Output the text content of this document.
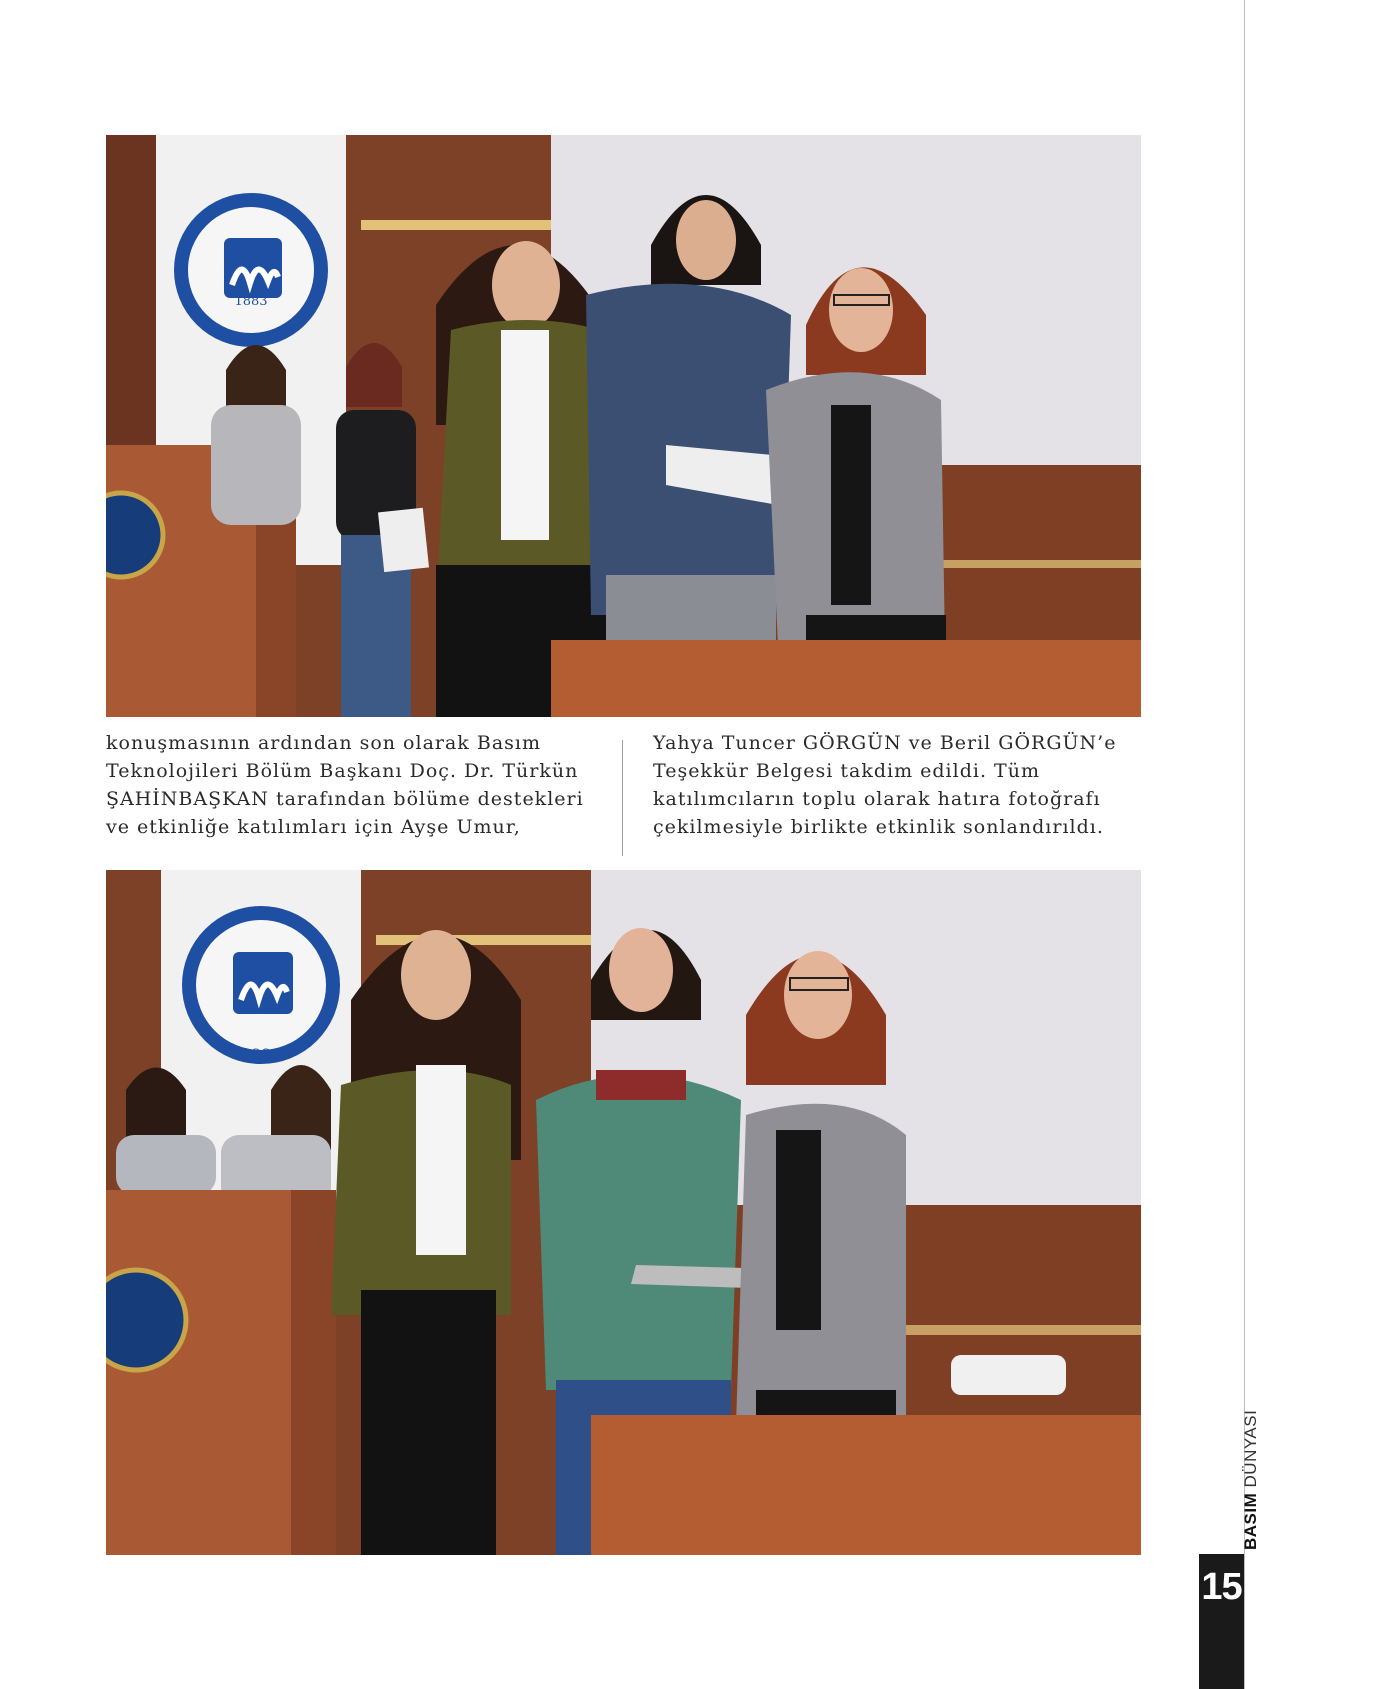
1883

konuşmasının ardından son olarak Basım

Teknolojileri Bölüm Başkanı Doç. Dr. Türkün

ŞAHİNBAŞKAN tarafından bölüme destekleri

ve etkinliğe katılımları için Ayşe Umur,

Yahya Tuncer GÖRGÜN ve Beril GÖRGÜN’e

Teşekkür Belgesi takdim edildi. Tüm

katılımcıların toplu olarak hatıra fotoğrafı

çekilmesiyle birlikte etkinlik sonlandırıldı.

1883
BASIM DÜNYASI
15
